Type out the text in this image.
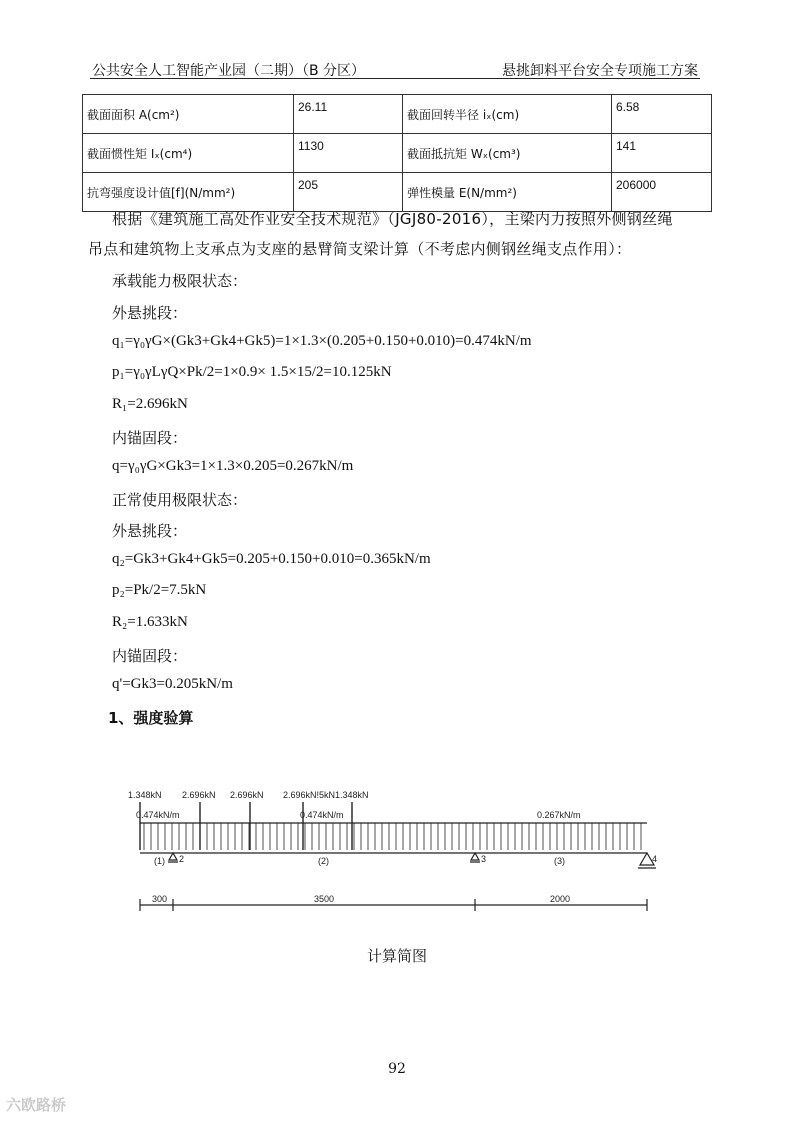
公共安全人工智能产业园（二期）（B 分区）	悬挑卸料平台安全专项施工方案
截面面积 A(cm²)	26.11	截面回转半径 iₓ(cm)	6.58
截面惯性矩 Iₓ(cm⁴)	1130	截面抵抗矩 Wₓ(cm³)	141
抗弯强度设计值[f](N/mm²)	205	弹性模量 E(N/mm²)	206000
根据《建筑施工高处作业安全技术规范》（JGJ80-2016），主梁内力按照外侧钢丝绳
吊点和建筑物上支承点为支座的悬臂简支梁计算（不考虑内侧钢丝绳支点作用）：
承载能力极限状态：
外悬挑段：
q₁=γ₀γG×(Gk3+Gk4+Gk5)=1×1.3×(0.205+0.150+0.010)=0.474kN/m
p₁=γ₀γLγQ×Pk/2=1×0.9× 1.5×15/2=10.125kN
R₁=2.696kN
内锚固段：
q=γ₀γG×Gk3=1×1.3×0.205=0.267kN/m
正常使用极限状态：
外悬挑段：
q₂=Gk3+Gk4+Gk5=0.205+0.150+0.010=0.365kN/m
p₂=Pk/2=7.5kN
R₂=1.633kN
内锚固段：
q'=Gk3=0.205kN/m
1、强度验算
1.348kN 2.696kN 2.696kN 2.696kN!5kN1.348kN
0.474kN/m	0.474kN/m	0.267kN/m
(1)	(2)	(3)
2	3	4
300	3500	2000
计算简图
92
六欧路桥
